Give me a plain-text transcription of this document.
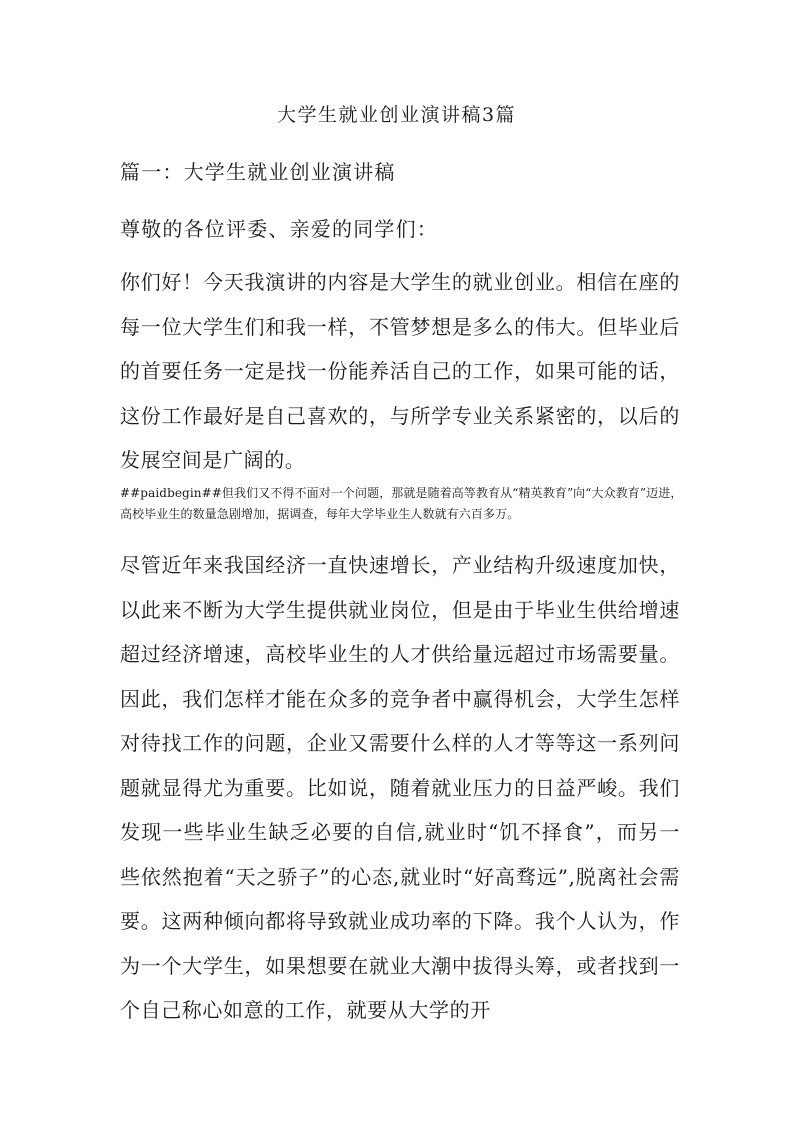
大学生就业创业演讲稿3篇
篇一：大学生就业创业演讲稿
尊敬的各位评委、亲爱的同学们：
你们好！今天我演讲的内容是大学生的就业创业。相信在座的每一位大学生们和我一样，不管梦想是多么的伟大。但毕业后的首要任务一定是找一份能养活自己的工作，如果可能的话，这份工作最好是自己喜欢的，与所学专业关系紧密的，以后的发展空间是广阔的。
##paidbegin##但我们又不得不面对一个问题，那就是随着高等教育从“精英教育”向“大众教育”迈进，高校毕业生的数量急剧增加，据调查，每年大学毕业生人数就有六百多万。
尽管近年来我国经济一直快速增长，产业结构升级速度加快，以此来不断为大学生提供就业岗位，但是由于毕业生供给增速超过经济增速，高校毕业生的人才供给量远超过市场需要量。 因此，我们怎样才能在众多的竞争者中赢得机会，大学生怎样对待找工作的问题，企业又需要什么样的人才等等这一系列问题就显得尤为重要。比如说，随着就业压力的日益严峻。我们发现一些毕业生缺乏必要的自信,就业时“饥不择食”，而另一些依然抱着“天之骄子”的心态,就业时“好高骛远”,脱离社会需要。这两种倾向都将导致就业成功率的下降。我个人认为，作为一个大学生，如果想要在就业大潮中拔得头筹，或者找到一个自己称心如意的工作，就要从大学的开
